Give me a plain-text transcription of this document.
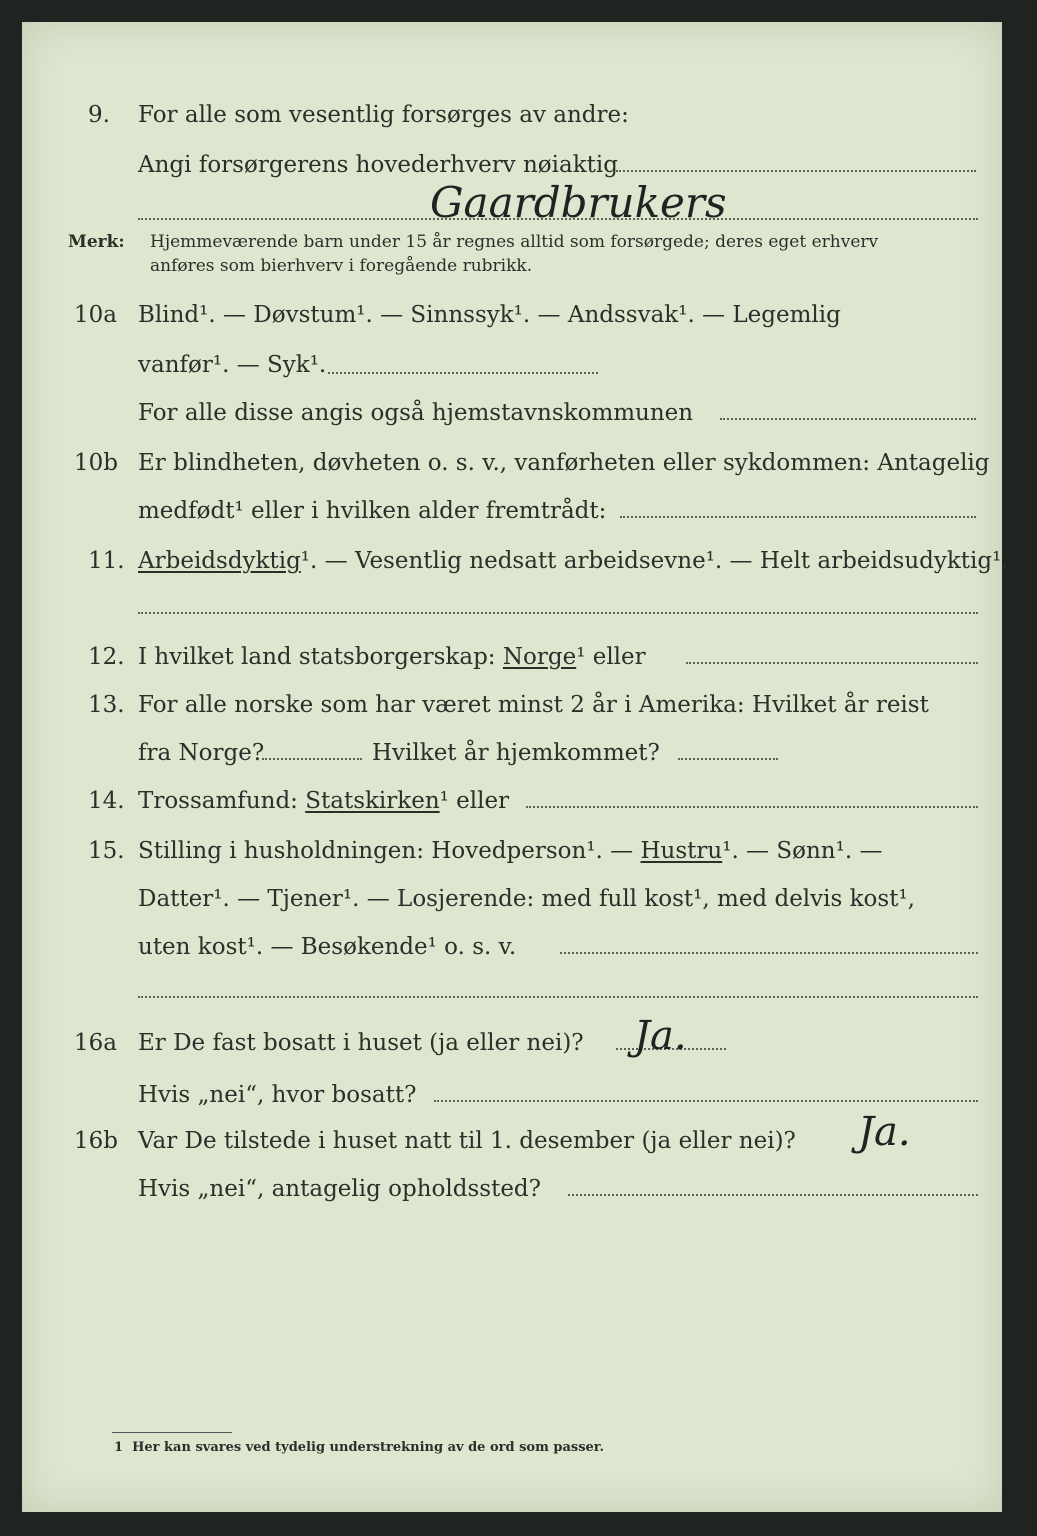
9. For alle som vesentlig forsørges av andre:
Angi forsørgerens hovederhverv nøiaktig
Gaardbrukers
Merk: Hjemmeværende barn under 15 år regnes alltid som forsørgede; deres eget erhverv
anføres som bierhverv i foregående rubrikk.
10a Blind¹. — Døvstum¹. — Sinnssyk¹. — Andssvak¹. — Legemlig
vanfør¹. — Syk¹.
For alle disse angis også hjemstavnskommunen
10b Er blindheten, døvheten o. s. v., vanførheten eller sykdommen: Antagelig
medfødt¹ eller i hvilken alder fremtrådt:
11. Arbeidsdyktig¹. — Vesentlig nedsatt arbeidsevne¹. — Helt arbeidsudyktig¹.
12. I hvilket land statsborgerskap: Norge¹ eller
13. For alle norske som har været minst 2 år i Amerika: Hvilket år reist
fra Norge?	Hvilket år hjemkommet?
14. Trossamfund: Statskirken¹ eller
15. Stilling i husholdningen: Hovedperson¹. — Hustru¹. — Sønn¹. —
Datter¹. — Tjener¹. — Losjerende: med full kost¹, med delvis kost¹,
uten kost¹. — Besøkende¹ o. s. v.
16a Er De fast bosatt i huset (ja eller nei)? Ja.
Hvis „nei“, hvor bosatt?
16b Var De tilstede i huset natt til 1. desember (ja eller nei)? Ja.
Hvis „nei“, antagelig opholdssted?
1 Her kan svares ved tydelig understrekning av de ord som passer.
